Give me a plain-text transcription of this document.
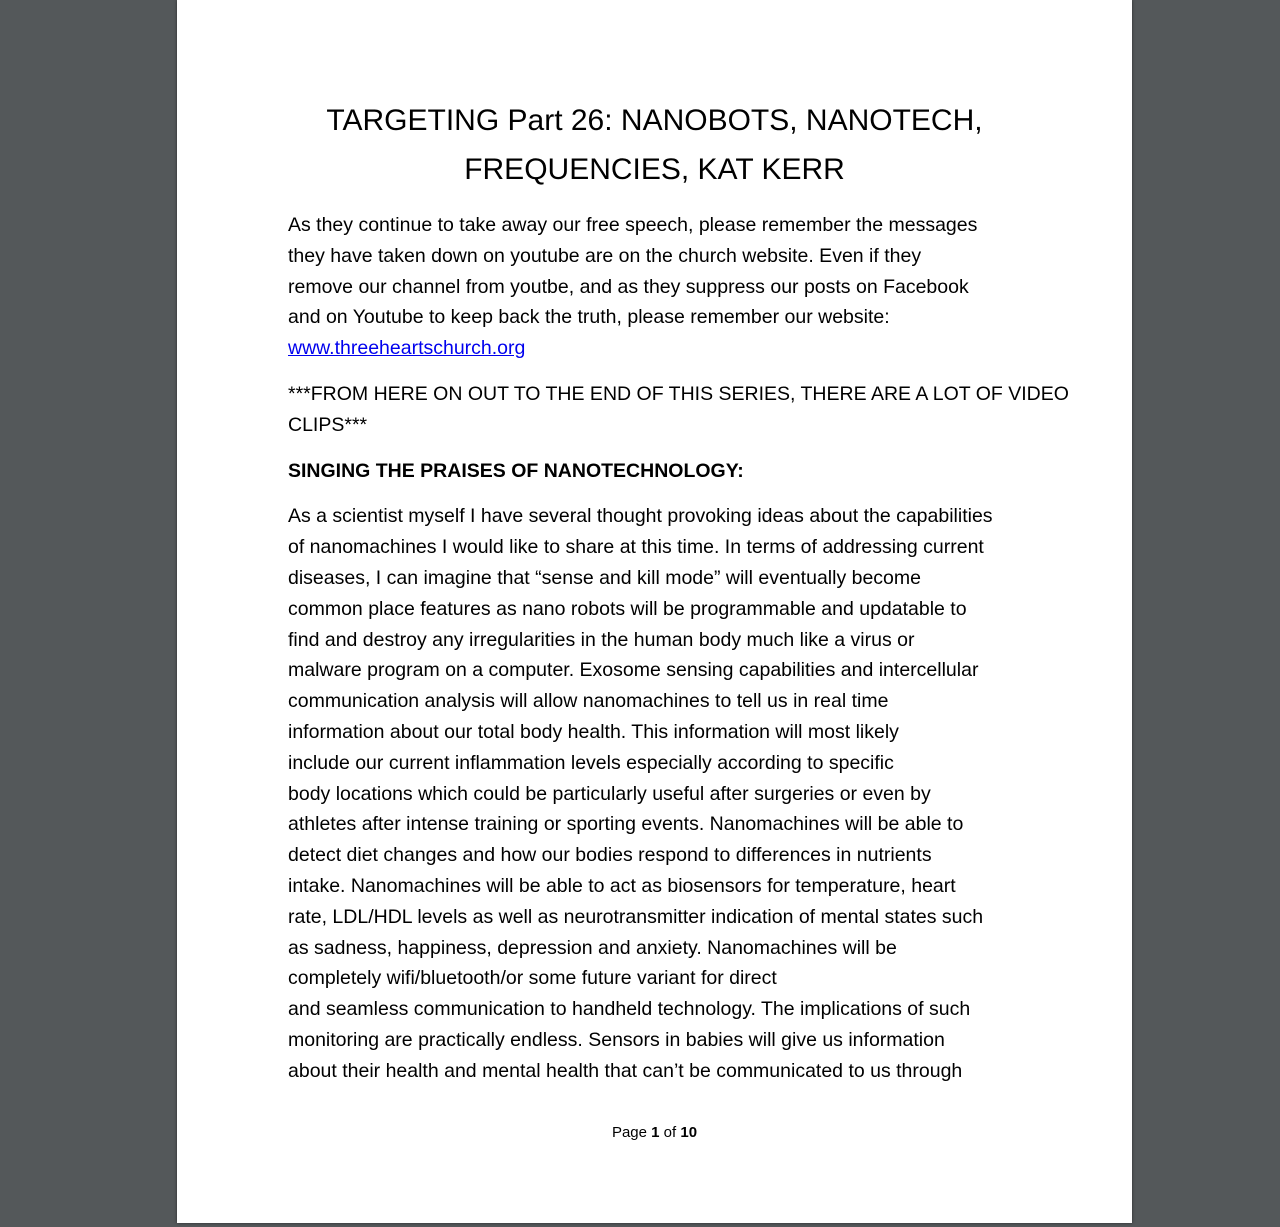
TARGETING Part 26: NANOBOTS, NANOTECH,
FREQUENCIES, KAT KERR

As they continue to take away our free speech, please remember the messages
they have taken down on youtube are on the church website. Even if they
remove our channel from youtbe, and as they suppress our posts on Facebook
and on Youtube to keep back the truth, please remember our website:
www.threeheartschurch.org

***FROM HERE ON OUT TO THE END OF THIS SERIES, THERE ARE A LOT OF VIDEO
CLIPS***

SINGING THE PRAISES OF NANOTECHNOLOGY:

As a scientist myself I have several thought provoking ideas about the capabilities
of nanomachines I would like to share at this time. In terms of addressing current
diseases, I can imagine that “sense and kill mode” will eventually become
common place features as nano robots will be programmable and updatable to
find and destroy any irregularities in the human body much like a virus or
malware program on a computer. Exosome sensing capabilities and intercellular
communication analysis will allow nanomachines to tell us in real time
information about our total body health. This information will most likely
include our current inflammation levels especially according to specific
body locations which could be particularly useful after surgeries or even by
athletes after intense training or sporting events. Nanomachines will be able to
detect diet changes and how our bodies respond to differences in nutrients
intake. Nanomachines will be able to act as biosensors for temperature, heart
rate, LDL/HDL levels as well as neurotransmitter indication of mental states such
as sadness, happiness, depression and anxiety. Nanomachines will be
completely wifi/bluetooth/or some future variant for direct
and seamless communication to handheld technology. The implications of such
monitoring are practically endless. Sensors in babies will give us information
about their health and mental health that can’t be communicated to us through

Page 1 of 10
